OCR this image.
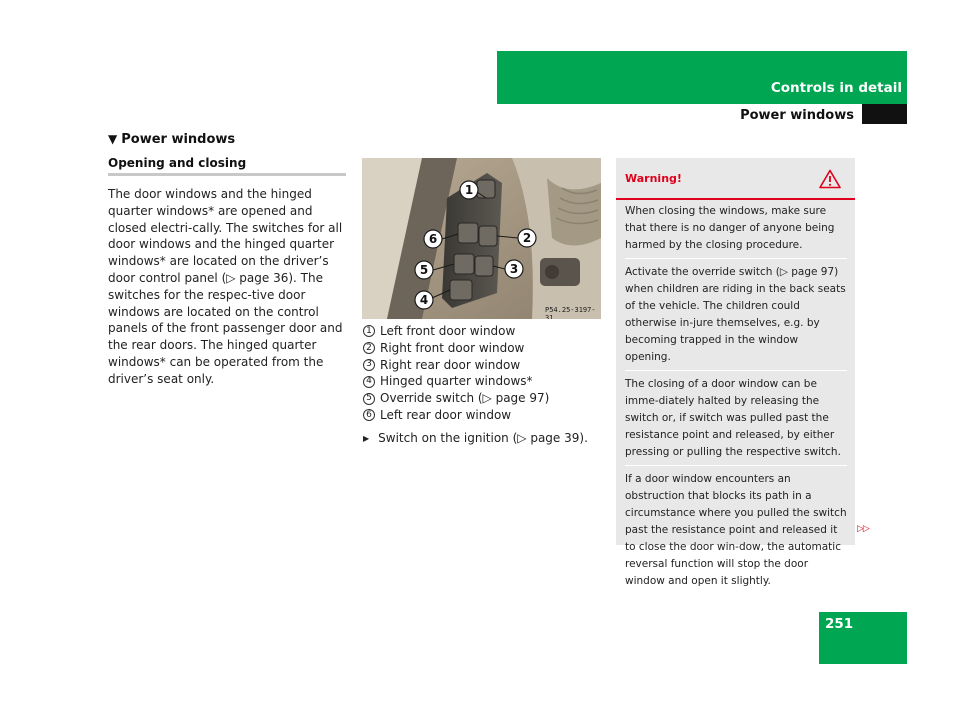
Controls in detail
Power windows
▼ Power windows
Opening and closing
The door windows and the hinged quarter windows* are opened and closed electri-cally. The switches for all door windows and the hinged quarter windows* are located on the driver’s door control panel (▷ page 36). The switches for the respec-tive door windows are located on the control panels of the front passenger door and the rear doors. The hinged quarter windows* can be operated from the driver’s seat only.
1
2
3
4
5
6
P54.25-3197-31
1 Left front door window
2 Right front door window
3 Right rear door window
4 Hinged quarter windows*
5 Override switch (▷ page 97)
6 Left rear door window
▶ Switch on the ignition (▷ page 39).
Warning!

When closing the windows, make sure that there is no danger of anyone being harmed by the closing procedure.

Activate the override switch (▷ page 97) when children are riding in the back seats of the vehicle. The children could otherwise in-jure themselves, e.g. by becoming trapped in the window opening.

The closing of a door window can be imme-diately halted by releasing the switch or, if switch was pulled past the resistance point and released, by either pressing or pulling the respective switch.

If a door window encounters an obstruction that blocks its path in a circumstance where you pulled the switch past the resistance point and released it to close the door win-dow, the automatic reversal function will stop the door window and open it slightly.

▷▷
251
